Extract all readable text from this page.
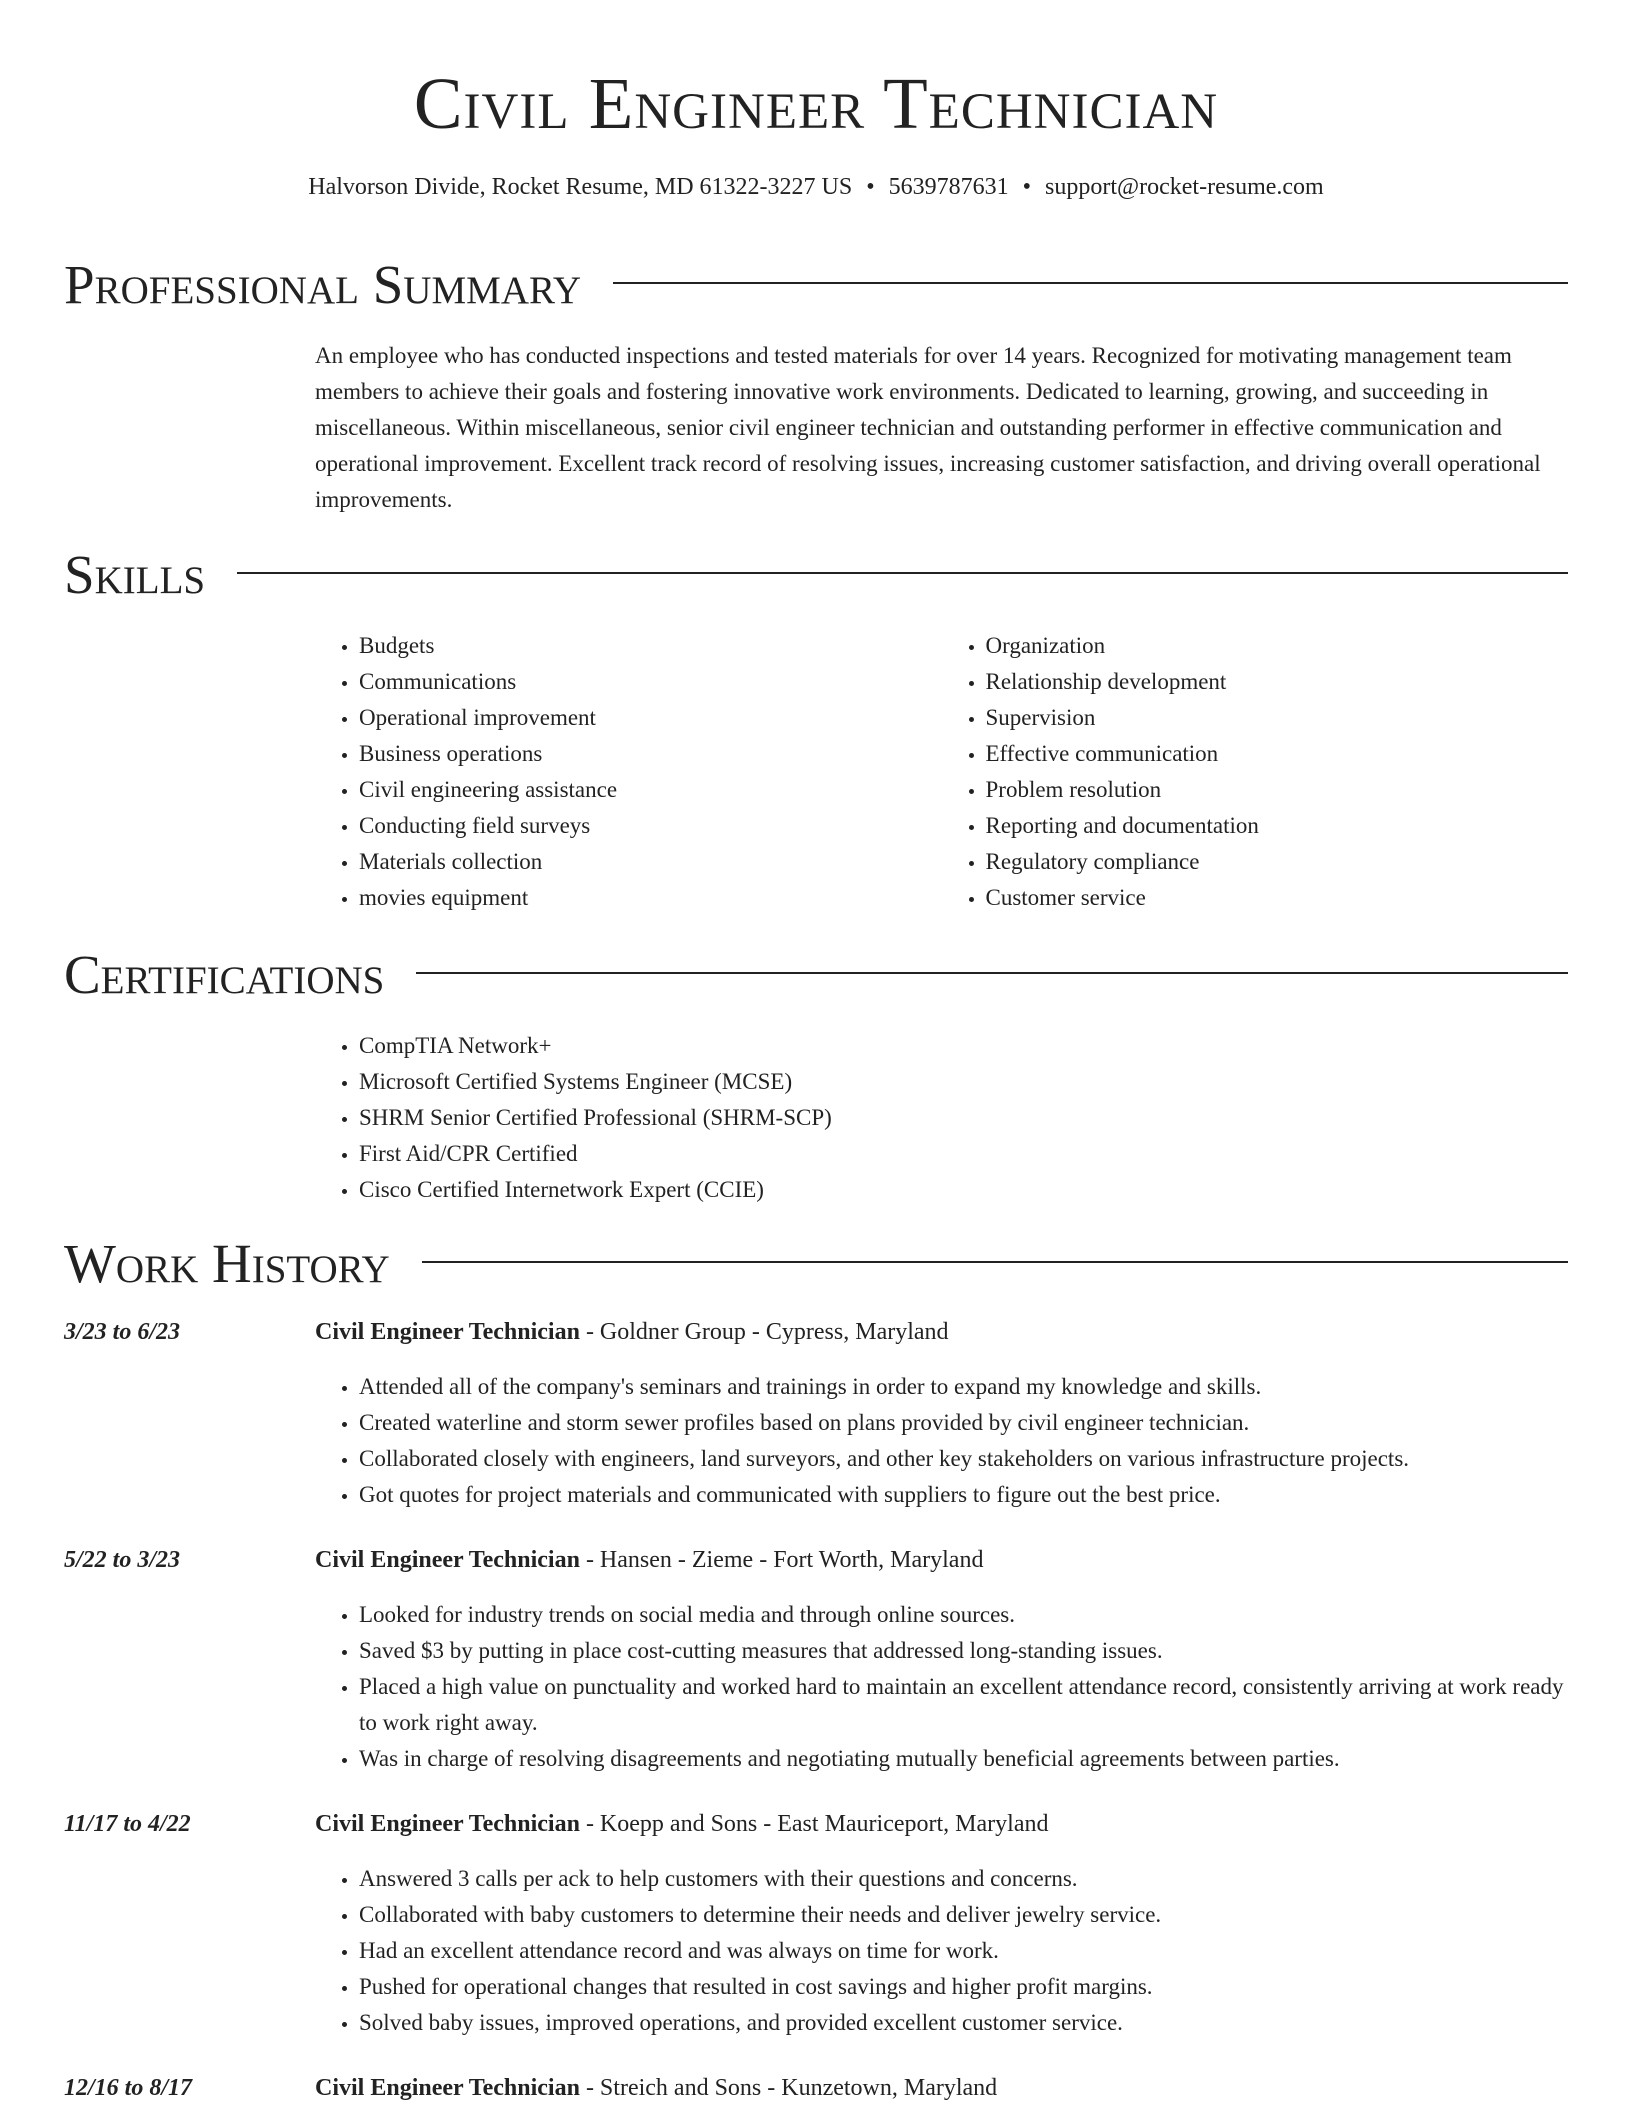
Civil Engineer Technician
Halvorson Divide, Rocket Resume, MD 61322-3227 US • 5639787631 • support@rocket-resume.com
Professional Summary

An employee who has conducted inspections and tested materials for over 14 years. Recognized for motivating management team members to achieve their goals and fostering innovative work environments. Dedicated to learning, growing, and succeeding in miscellaneous. Within miscellaneous, senior civil engineer technician and outstanding performer in effective communication and operational improvement. Excellent track record of resolving issues, increasing customer satisfaction, and driving overall operational improvements.

Skills
• Budgets
• Communications
• Operational improvement
• Business operations
• Civil engineering assistance
• Conducting field surveys
• Materials collection
• movies equipment
• Organization
• Relationship development
• Supervision
• Effective communication
• Problem resolution
• Reporting and documentation
• Regulatory compliance
• Customer service
Certifications
• CompTIA Network+
• Microsoft Certified Systems Engineer (MCSE)
• SHRM Senior Certified Professional (SHRM-SCP)
• First Aid/CPR Certified
• Cisco Certified Internetwork Expert (CCIE)
Work History
3/23 to 6/23	Civil Engineer Technician - Goldner Group - Cypress, Maryland
• Attended all of the company's seminars and trainings in order to expand my knowledge and skills.
• Created waterline and storm sewer profiles based on plans provided by civil engineer technician.
• Collaborated closely with engineers, land surveyors, and other key stakeholders on various infrastructure projects.
• Got quotes for project materials and communicated with suppliers to figure out the best price.
5/22 to 3/23	Civil Engineer Technician - Hansen - Zieme - Fort Worth, Maryland
• Looked for industry trends on social media and through online sources.
• Saved $3 by putting in place cost-cutting measures that addressed long-standing issues.
• Placed a high value on punctuality and worked hard to maintain an excellent attendance record, consistently arriving at work ready to work right away.
• Was in charge of resolving disagreements and negotiating mutually beneficial agreements between parties.
11/17 to 4/22	Civil Engineer Technician - Koepp and Sons - East Mauriceport, Maryland
• Answered 3 calls per ack to help customers with their questions and concerns.
• Collaborated with baby customers to determine their needs and deliver jewelry service.
• Had an excellent attendance record and was always on time for work.
• Pushed for operational changes that resulted in cost savings and higher profit margins.
• Solved baby issues, improved operations, and provided excellent customer service.
12/16 to 8/17	Civil Engineer Technician - Streich and Sons - Kunzetown, Maryland
